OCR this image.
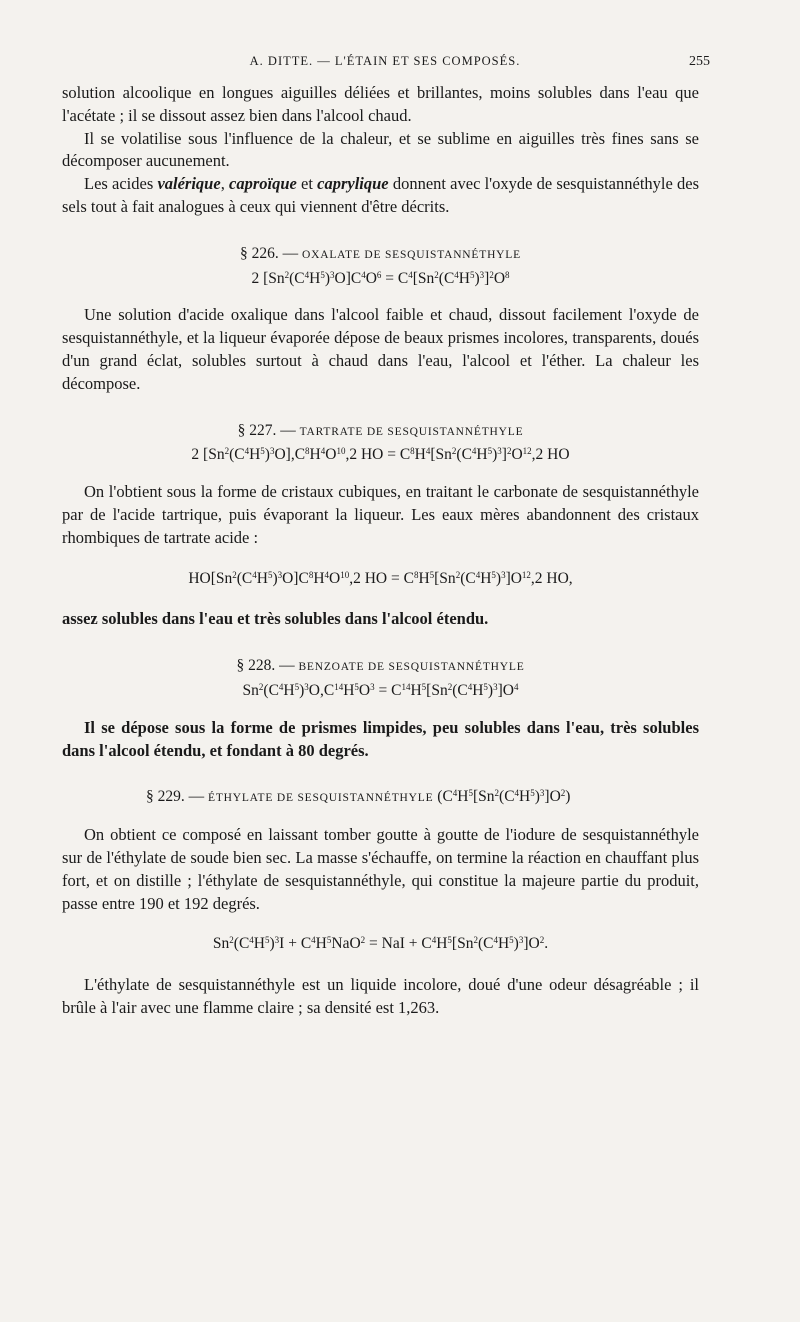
A. DITTE. — L'ÉTAIN ET SES COMPOSÉS.	255

solution alcoolique en longues aiguilles déliées et brillantes, moins solubles dans l'eau que l'acétate ; il se dissout assez bien dans l'alcool chaud.

Il se volatilise sous l'influence de la chaleur, et se sublime en aiguilles très fines sans se décomposer aucunement.

Les acides valérique, caproïque et caprylique donnent avec l'oxyde de sesquistannéthyle des sels tout à fait analogues à ceux qui viennent d'être décrits.

§ 226. — OXALATE DE SESQUISTANNÉTHYLE
2 $[Sn^2(C^4H^5)^3O]C^4O^6 = C^4[Sn^2(C^4H^5)^3]^2O^8$

Une solution d'acide oxalique dans l'alcool faible et chaud, dissout facilement l'oxyde de sesquistannéthyle, et la liqueur évaporée dépose de beaux prismes incolores, transparents, doués d'un grand éclat, solubles surtout à chaud dans l'eau, l'alcool et l'éther. La chaleur les décompose.

§ 227. — TARTRATE DE SESQUISTANNÉTHYLE
2 $[Sn^2(C^4H^5)^3O],C^8H^4O^{10},2$ HO = $C^8H^4[Sn^2(C^4H^5)^3]^2O^{12},2$ HO

On l'obtient sous la forme de cristaux cubiques, en traitant le carbonate de sesquistannéthyle par de l'acide tartrique, puis évaporant la liqueur. Les eaux mères abandonnent des cristaux rhombiques de tartrate acide :

$HO[Sn^2(C^4H^5)^3O]C^8H^4O^{10},2$ HO = $C^8H^5[Sn^2(C^4H^5)^3]O^{12},2$ HO,

assez solubles dans l'eau et très solubles dans l'alcool étendu.

§ 228. — BENZOATE DE SESQUISTANNÉTHYLE
$Sn^2(C^4H^5)^3O,C^{14}H^5O^3 = C^{14}H^5[Sn^2(C^4H^5)^3]O^4$

Il se dépose sous la forme de prismes limpides, peu solubles dans l'eau, très solubles dans l'alcool étendu, et fondant à 80 degrés.

§ 229. — ÉTHYLATE DE SESQUISTANNÉTHYLE $(C^4H^5[Sn^2(C^4H^5)^3]O^2)$

On obtient ce composé en laissant tomber goutte à goutte de l'iodure de sesquistannéthyle sur de l'éthylate de soude bien sec. La masse s'échauffe, on termine la réaction en chauffant plus fort, et on distille ; l'éthylate de sesquistannéthyle, qui constitue la majeure partie du produit, passe entre 190 et 192 degrés.

$Sn^2(C^4H^5)^3I + C^4H^5NaO^2$ = NaI + $C^4H^5[Sn^2(C^4H^5)^3]O^2$.

L'éthylate de sesquistannéthyle est un liquide incolore, doué d'une odeur désagréable ; il brûle à l'air avec une flamme claire ; sa densité est 1,263.
